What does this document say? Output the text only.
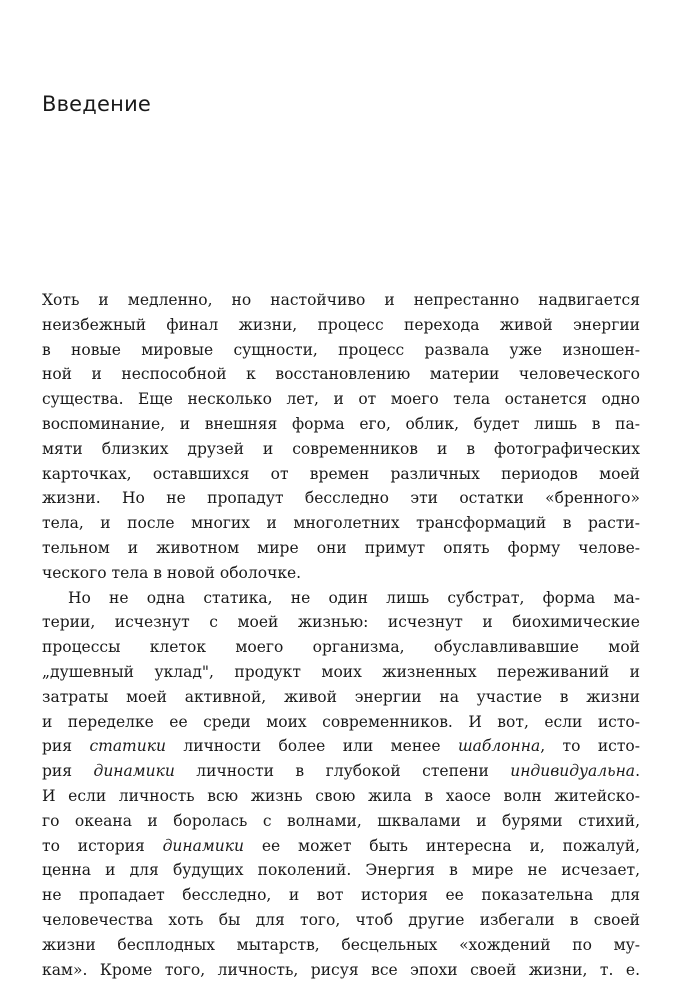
Введение
Хоть и медленно, но настойчиво и непрестанно надвигается
неизбежный финал жизни, процесс перехода живой энергии
в новые мировые сущности, процесс развала уже изношен-
ной и неспособной к восстановлению материи человеческого
существа. Еще несколько лет, и от моего тела останется одно
воспоминание, и внешняя форма его, облик, будет лишь в па-
мяти близких друзей и современников и в фотографических
карточках, оставшихся от времен различных периодов моей
жизни. Но не пропадут бесследно эти остатки «бренного»
тела, и после многих и многолетних трансформаций в расти-
тельном и животном мире они примут опять форму челове-
ческого тела в новой оболочке.
Но не одна статика, не один лишь субстрат, форма ма-
терии, исчезнут с моей жизнью: исчезнут и биохимические
процессы клеток моего организма, обуславливавшие мой
„душевный уклад", продукт моих жизненных переживаний и
затраты моей активной, живой энергии на участие в жизни
и переделке ее среди моих современников. И вот, если исто-
рия статики личности более или менее шаблонна, то исто-
рия динамики личности в глубокой степени индивидуальна.
И если личность всю жизнь свою жила в хаосе волн житейско-
го океана и боролась с волнами, шквалами и бурями стихий,
то история динамики ее может быть интересна и, пожалуй,
ценна и для будущих поколений. Энергия в мире не исчезает,
не пропадает бесследно, и вот история ее показательна для
человечества хоть бы для того, чтоб другие избегали в своей
жизни бесплодных мытарств, бесцельных «хождений по му-
кам». Кроме того, личность, рисуя все эпохи своей жизни, т. е.
